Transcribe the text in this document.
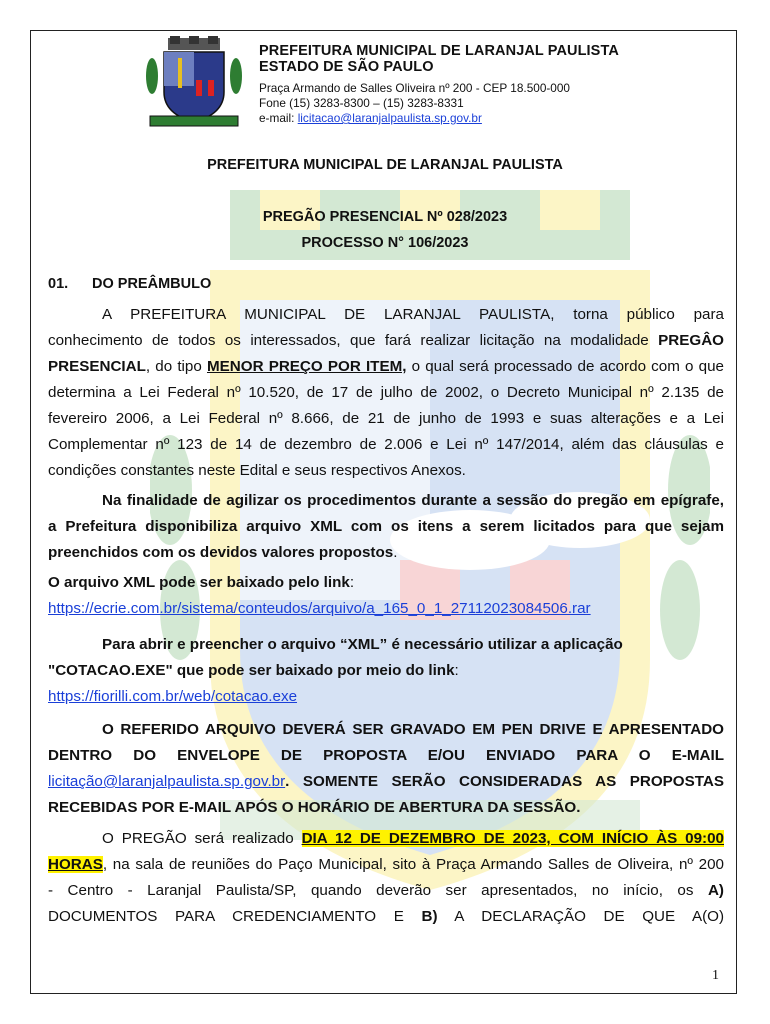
PREFEITURA MUNICIPAL DE LARANJAL PAULISTA
ESTADO DE SÃO PAULO
Praça Armando de Salles Oliveira nº 200 - CEP 18.500-000
Fone (15) 3283-8300 – (15) 3283-8331
e-mail: licitacao@laranjalpaulista.sp.gov.br
PREFEITURA MUNICIPAL DE LARANJAL PAULISTA
PREGÃO PRESENCIAL Nº 028/2023
PROCESSO N° 106/2023
01. DO PREÂMBULO
A PREFEITURA MUNICIPAL DE LARANJAL PAULISTA, torna público para
conhecimento de todos os interessados, que fará realizar licitação na modalidade PREGÂO
PRESENCIAL, do tipo MENOR PREÇO POR ITEM, o qual será processado de acordo com o que
determina a Lei Federal nº 10.520, de 17 de julho de 2002, o Decreto Municipal nº 2.135 de
fevereiro 2006, a Lei Federal nº 8.666, de 21 de junho de 1993 e suas alterações e a Lei
Complementar nº 123 de 14 de dezembro de 2.006 e Lei nº 147/2014, além das cláusulas e
condições constantes neste Edital e seus respectivos Anexos.
Na finalidade de agilizar os procedimentos durante a sessão do pregão em epígrafe,
a Prefeitura disponibiliza arquivo XML com os itens a serem licitados para que sejam
preenchidos com os devidos valores propostos.
O arquivo XML pode ser baixado pelo link:
https://ecrie.com.br/sistema/conteudos/arquivo/a_165_0_1_27112023084506.rar
Para abrir e preencher o arquivo “XML” é necessário utilizar a aplicação
"COTACAO.EXE" que pode ser baixado por meio do link:
https://fiorilli.com.br/web/cotacao.exe
O REFERIDO ARQUIVO DEVERÁ SER GRAVADO EM PEN DRIVE E APRESENTADO
DENTRO DO ENVELOPE DE PROPOSTA E/OU ENVIADO PARA O E-MAIL
licitação@laranjalpaulista.sp.gov.br. SOMENTE SERÃO CONSIDERADAS AS PROPOSTAS
RECEBIDAS POR E-MAIL APÓS O HORÁRIO DE ABERTURA DA SESSÃO.
O PREGÃO será realizado DIA 12 DE DEZEMBRO DE 2023, COM INÍCIO ÀS 09:00
HORAS, na sala de reuniões do Paço Municipal, sito à Praça Armando Salles de Oliveira, nº 200
- Centro - Laranjal Paulista/SP, quando deverão ser apresentados, no início, os A)
DOCUMENTOS PARA CREDENCIAMENTO E B) A DECLARAÇÃO DE QUE A(O)
1
